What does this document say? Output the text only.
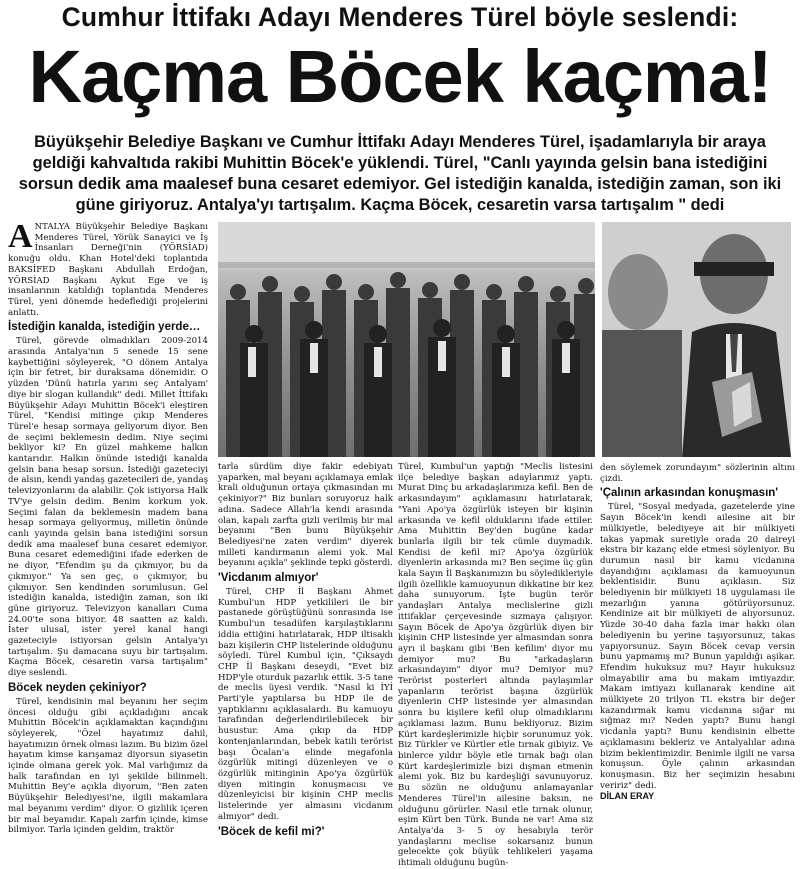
Cumhur İttifakı Adayı Menderes Türel böyle seslendi:
Kaçma Böcek kaçma!
Büyükşehir Belediye Başkanı ve Cumhur İttifakı Adayı Menderes Türel, işadamlarıyla bir araya geldiği kahvaltıda rakibi Muhittin Böcek'e yüklendi. Türel, "Canlı yayında gelsin bana istediğini sorsun dedik ama maalesef buna cesaret edemiyor. Gel istediğin kanalda, istediğin zaman, son iki güne giriyoruz. Antalya'yı tartışalım. Kaçma Böcek, cesaretin varsa tartışalım " dedi

ANTALYA Büyükşehir Belediye Başkanı Menderes Türel, Yörük Sanayici ve İş İnsanları Derneği'nin (YÖRSİAD) konuğu oldu. Khan Hotel'deki toplantıda BAKSİFED Başkanı Abdullah Erdoğan, YÖRSİAD Başkanı Aykut Ege ve iş insanlarının katıldığı toplantıda Menderes Türel, yeni dönemde hedeflediği projelerini anlattı.

İstediğin kanalda, istediğin yerde…

Türel, görevde olmadıkları 2009-2014 arasında Antalya'nın 5 senede 15 sene kaybettiğini söyleyerek, "O dönem Antalya için bir fetret, bir duraksama dönemidir. O yüzden 'Dünü hatırla yarını seç Antalyam' diye bir slogan kullandık" dedi. Millet İttifakı Büyükşehir Adayı Muhittin Böcek'i eleştiren Türel, "Kendisi mitinge çıkıp Menderes Türel'e hesap sormaya geliyorum diyor. Ben de seçimi beklemesin dedim. Niye seçimi bekliyor ki? En güzel mahkeme halkın kantarıdır. Halkın önünde istediği kanalda gelsin bana hesap sorsun. İstediği gazeteciyi de alsın, kendi yandaş gazetecileri de, yandaş televizyonlarını da alabilir. Çok istiyorsa Halk TV'ye gelsin dedim. Benim korkum yok. Seçimi falan da beklemesin madem bana hesap sormaya geliyormuş, milletin önünde canlı yayında gelsin bana istediğini sorsun dedik ama maalesef buna cesaret edemiyor. Buna cesaret edemediğini ifade ederken de ne diyor, "Efendim şu da çıkmıyor, bu da çıkmıyor." Ya sen geç, o çıkmıyor, bu çıkmıyor. Sen kendinden sorumlusun. Gel istediğin kanalda, istediğin zaman, son iki güne giriyoruz. Televizyon kanalları Cuma 24.00'te sona bitiyor. 48 saatten az kaldı. İster ulusal, ister yerel kanal hangi gazeteciyle istiyorsan gelsin Antalya'yı tartışalım. Şu damacana suyu bir tartışalım. Kaçma Böcek, cesaretin varsa tartışalım" diye seslendi.

Böcek neyden çekiniyor?

Türel, kendisinin mal beyanını her seçim öncesi olduğu gibi açıkladığını ancak Muhittin Böcek'in açıklamaktan kaçındığını söyleyerek, "Özel hayatımız dahil, hayatımızın örnek olması lazım. Bu bizim özel hayatım kimse karışamaz diyorsun siyasetin içinde olmana gerek yok. Mal varlığımız da halk tarafından en iyi şekilde bilinmeli. Muhittin Bey'e açıkla diyorum, "Ben zaten Büyükşehir Belediyesi'ne, ilgili makamlara mal beyanımı verdim" diyor. O gizlilik içeren bir mal beyanıdır. Kapalı zarfın içinde, kimse bilmiyor. Tarla içinden geldim, traktör

tarla sürdüm diye fakir edebiyatı yaparken, mal beyanı açıklamaya emlak krali olduğunun ortaya çıkmasından mı çekiniyor?" Biz bunları soruyoruz halk adına. Sadece Allah'la kendi arasında olan, kapalı zarfta gizli verilmiş bir mal beyanını "Ben bunu Büyükşehir Belediyesi'ne zaten verdim" diyerek milleti kandırmanın alemi yok. Mal beyanını açıkla" şeklinde tepki gösterdi.

'Vicdanım almıyor'

Türel, CHP İl Başkanı Ahmet Kumbul'un HDP yetkilileri ile bir pastanede görüştüğünü sonrasında ise Kumbul'un tesadüfen karşılaştıklarını iddia ettiğini hatırlatarak, HDP iltisaklı bazı kişilerin CHP listelerinde olduğunu söyledi. Türel Kumbul için, "Çıksaydı CHP İl Başkanı deseydi, "Evet biz HDP'yle oturduk pazarlık ettik. 3-5 tane de meclis üyesi verdik. "Nasıl ki İYİ Parti'yle yaptılarsa bu HDP ile de yaptıklarını açıklasalardı. Bu kamuoyu tarafından değerlendirilebilecek bir husustur. Ama çıkıp da HDP kontenjanlarından, bebek katili terörist başı Öcalan'a elinde megafonla özgürlük mitingi düzenleyen ve o özgürlük mitinginin Apo'ya özgürlük diyen mitingin konuşmacısı ve düzenleyicisi bir kişinin CHP meclis listelerinde yer almasını vicdanım almıyor" dedi.

'Böcek de kefil mi?'

Türel, Kumbul'un yaptığı "Meclis listesini ilçe belediye başkan adaylarımız yaptı. Murat Dinç bu arkadaşlarımıza kefil. Ben de arkasındayım" açıklamasını hatırlatarak, "Yani Apo'ya özgürlük isteyen bir kişinin arkasında ve kefil olduklarını ifade ettiler. Ama Muhittin Bey'den bugüne kadar bunlarla ilgili bir tek cümle duymadık. Kendisi de kefil mi? Apo'ya özgürlük diyenlerin arkasında mı? Ben seçime üç gün kala Sayın İl Başkanımızın bu söyledikleriyle ilgili özellikle kamuoyunun dikkatine bir kez daha sunuyorum. İşte bugün terör yandaşları Antalya meclislerine gizli ittifaklar çerçevesinde sızmaya çalışıyor. Sayın Böcek de Apo'ya özgürlük diyen bir kişinin CHP listesinde yer almasından sonra ayrı il başkanı gibi 'Ben kefilim' diyor mu demiyor mu? Bu "arkadaşların arkasındayım" diyor mu? Demiyor mu? Terörist posterleri altında paylaşımlar yapanların terörist başına özgürlük diyenlerin CHP listesinde yer almasından sonra bu kişilere kefil olup olmadıklarını açıklaması lazım. Bunu bekliyoruz. Bizim Kürt kardeşlerimizle hiçbir sorunumuz yok. Biz Türkler ve Kürtler etle tırnak gibiyiz. Ve binlerce yıldır böyle etle tırnak bağı olan Kürt kardeşlerimizle bizi dışman etmenin alemi yok. Biz bu kardeşliği savunuyoruz. Bu sözün ne olduğunu anlamayanlar Menderes Türel'in ailesine baksın, ne olduğunu görürler. Nasıl etle tırnak olunur, eşim Kürt ben Türk. Bunda ne var! Ama siz Antalya'da 3- 5 oy hesabıyla terör yandaşlarını meclise sokarsanız bunun gelecekte çok büyük tehlikeleri yaşama ihtimali olduğunu bugün-

den söylemek zorundayım" sözlerinin altını çizdi.

'Çalının arkasından konuşmasın'

Türel, "Sosyal medyada, gazetelerde yine Sayın Böcek'in kendi ailesine ait bir mülkiyetle, belediyeye ait bir mülkiyeti takas yapmak suretiyle orada 20 daireyi ekstra bir kazanç elde etmesi söyleniyor. Bu durumun nasıl bir kamu vicdanına dayandığını açıklaması da kamuoyunun beklentisidir. Bunu açıklasın. Siz belediyenin bir mülkiyeti 18 uygulaması ile mezarlığın yanına götürüyorsunuz. Kendinize ait bir mülkiyeti de alıyorsunuz. Yüzde 30-40 daha fazla imar hakkı olan belediyenin bu yerine taşıyorsunuz, takas yapıyorsunuz. Sayın Böcek cevap versin bunu yapmamış mı? Bunun yapıldığı aşikar. Efendim hukuksuz mu? Hayır hukuksuz olmayabilir ama bu makam imtiyazdır. Makam imtiyazı kullanarak kendine ait mülkiyete 20 trilyon TL ekstra bir değer kazandırmak kamu vicdanına sığar mı sığmaz mı? Neden yaptı? Bunu hangi vicdanla yaptı? Bunu kendisinin elbette açıklamasını bekleriz ve Antalyalılar adına bizim beklentimizdir. Benimle ilgili ne varsa konuşsun. Öyle çalının arkasından konuşmasın. Biz her seçimizin hesabını veririz" dedi.

DİLAN ERAY
